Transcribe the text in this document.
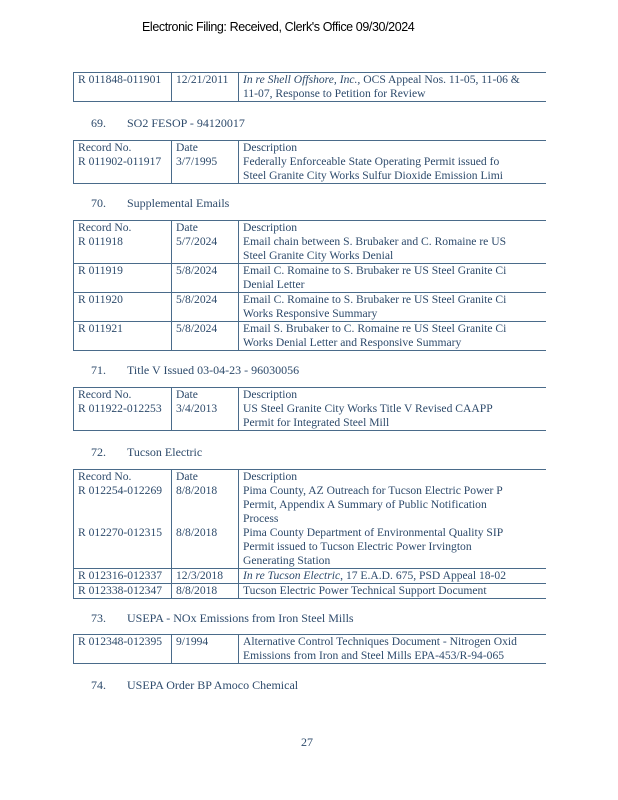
Electronic Filing: Received, Clerk's Office 09/30/2024
R 011848-011901	12/21/2011	In re Shell Offshore, Inc., OCS Appeal Nos. 11-05, 11-06 &
11-07, Response to Petition for Review
69. SO2 FESOP - 94120017
Record No.	Date	Description
R 011902-011917	3/7/1995	Federally Enforceable State Operating Permit issued fo
Steel Granite City Works Sulfur Dioxide Emission Limi
70. Supplemental Emails
Record No.	Date	Description
R 011918	5/7/2024	Email chain between S. Brubaker and C. Romaine re US
Steel Granite City Works Denial
R 011919	5/8/2024	Email C. Romaine to S. Brubaker re US Steel Granite Ci
Denial Letter
R 011920	5/8/2024	Email C. Romaine to S. Brubaker re US Steel Granite Ci
Works Responsive Summary
R 011921	5/8/2024	Email S. Brubaker to C. Romaine re US Steel Granite Ci
Works Denial Letter and Responsive Summary
71. Title V Issued 03-04-23 - 96030056
Record No.	Date	Description
R 011922-012253	3/4/2013	US Steel Granite City Works Title V Revised CAAPP
Permit for Integrated Steel Mill
72. Tucson Electric
Record No.	Date	Description
R 012254-012269	8/8/2018	Pima County, AZ Outreach for Tucson Electric Power P
Permit, Appendix A Summary of Public Notification
Process
R 012270-012315	8/8/2018	Pima County Department of Environmental Quality SIP
Permit issued to Tucson Electric Power Irvington
Generating Station
R 012316-012337	12/3/2018	In re Tucson Electric, 17 E.A.D. 675, PSD Appeal 18-02
R 012338-012347	8/8/2018	Tucson Electric Power Technical Support Document
73. USEPA - NOx Emissions from Iron Steel Mills
R 012348-012395	9/1994	Alternative Control Techniques Document - Nitrogen Oxid
Emissions from Iron and Steel Mills EPA-453/R-94-065
74. USEPA Order BP Amoco Chemical
27
